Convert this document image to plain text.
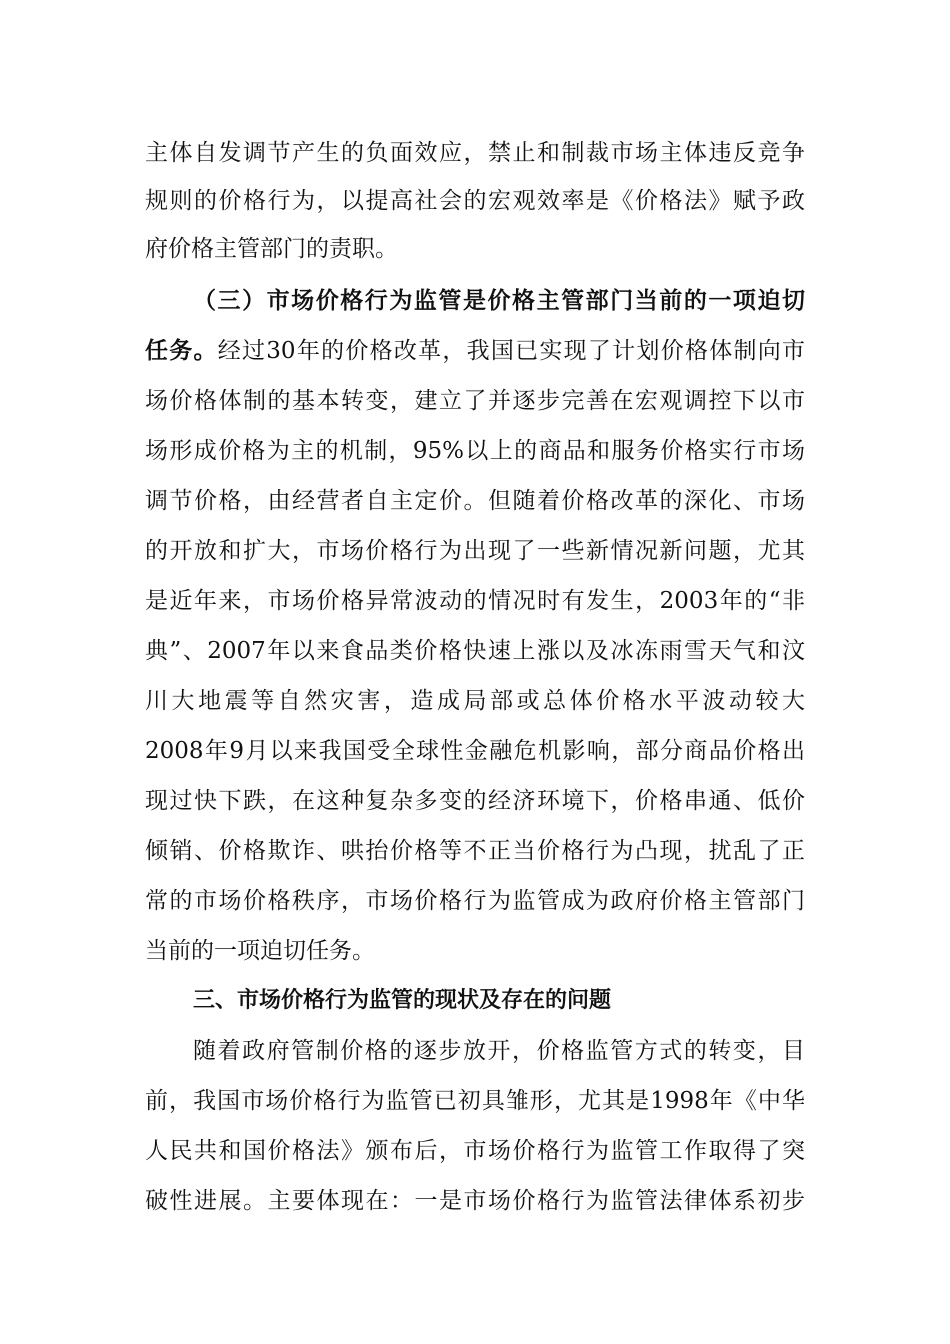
主体自发调节产生的负面效应，禁止和制裁市场主体违反竞争
规则的价格行为，以提高社会的宏观效率是《价格法》赋予政
府价格主管部门的责职。
（三）市场价格行为监管是价格主管部门当前的一项迫切
任务。经过30年的价格改革，我国已实现了计划价格体制向市
场价格体制的基本转变，建立了并逐步完善在宏观调控下以市
场形成价格为主的机制，95%以上的商品和服务价格实行市场
调节价格，由经营者自主定价。但随着价格改革的深化、市场
的开放和扩大，市场价格行为出现了一些新情况新问题，尤其
是近年来，市场价格异常波动的情况时有发生，2003年的“非
典”、2007年以来食品类价格快速上涨以及冰冻雨雪天气和汶
川大地震等自然灾害，造成局部或总体价格水平波动较大
2008年9月以来我国受全球性金融危机影响，部分商品价格出
现过快下跌，在这种复杂多变的经济环境下，价格串通、低价
倾销、价格欺诈、哄抬价格等不正当价格行为凸现，扰乱了正
常的市场价格秩序，市场价格行为监管成为政府价格主管部门
当前的一项迫切任务。
三、市场价格行为监管的现状及存在的问题
随着政府管制价格的逐步放开，价格监管方式的转变，目
前，我国市场价格行为监管已初具雏形，尤其是1998年《中华
人民共和国价格法》颁布后，市场价格行为监管工作取得了突
破性进展。主要体现在：一是市场价格行为监管法律体系初步
